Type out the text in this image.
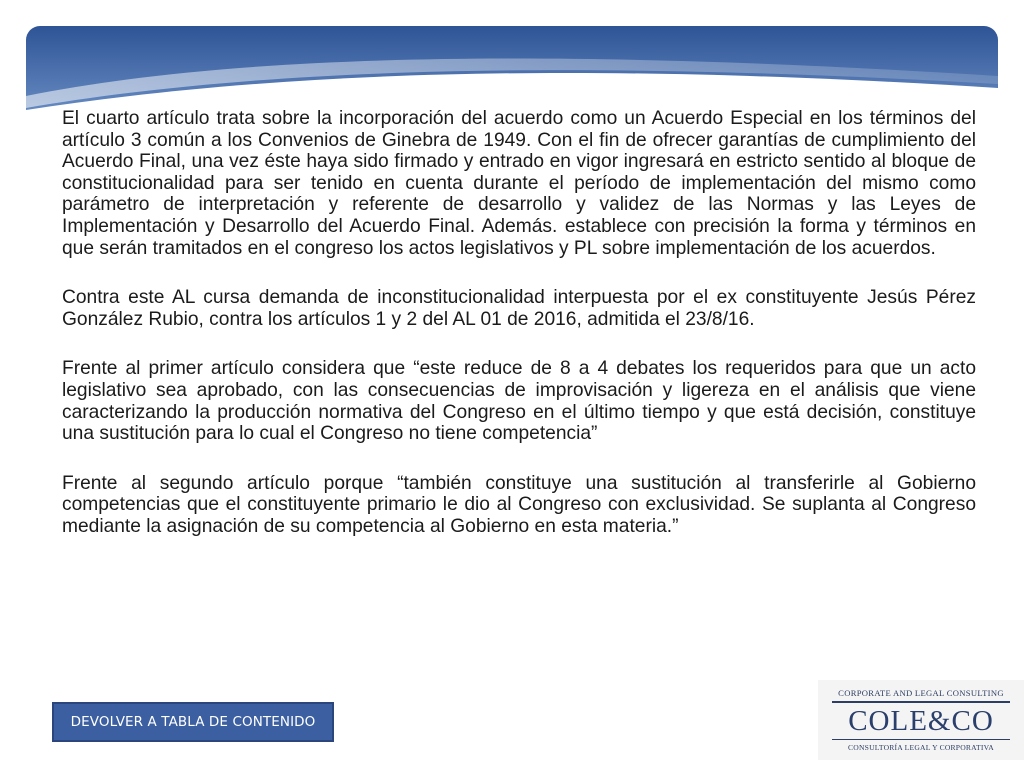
El cuarto artículo trata sobre la incorporación del acuerdo como un Acuerdo Especial en los términos del artículo 3 común a los Convenios de Ginebra de 1949. Con el fin de ofrecer garantías de cumplimiento del Acuerdo Final, una vez éste haya sido firmado y entrado en vigor ingresará en estricto sentido al bloque de constitucionalidad para ser tenido en cuenta durante el período de implementación del mismo como parámetro de interpretación y referente de desarrollo y validez de las Normas y las Leyes de Implementación y Desarrollo del Acuerdo Final. Además. establece con precisión la forma y términos en que serán tramitados en el congreso los actos legislativos y PL sobre implementación de los acuerdos.

Contra este AL cursa demanda de inconstitucionalidad interpuesta por el ex constituyente Jesús Pérez González Rubio, contra los artículos 1 y 2 del AL 01 de 2016, admitida el 23/8/16.

Frente al primer artículo considera que “este reduce de 8 a 4 debates los requeridos para que un acto legislativo sea aprobado, con las consecuencias de improvisación y ligereza en el análisis que viene caracterizando la producción normativa del Congreso en el último tiempo y que está decisión, constituye una sustitución para lo cual el Congreso no tiene competencia”

Frente al segundo artículo porque “también constituye una sustitución al transferirle al Gobierno competencias que el constituyente primario le dio al Congreso con exclusividad. Se suplanta al Congreso mediante la asignación de su competencia al Gobierno en esta materia.”

DEVOLVER A TABLA DE CONTENIDO
CORPORATE AND LEGAL CONSULTING
COLE&CO
CONSULTORÍA LEGAL Y CORPORATIVA
